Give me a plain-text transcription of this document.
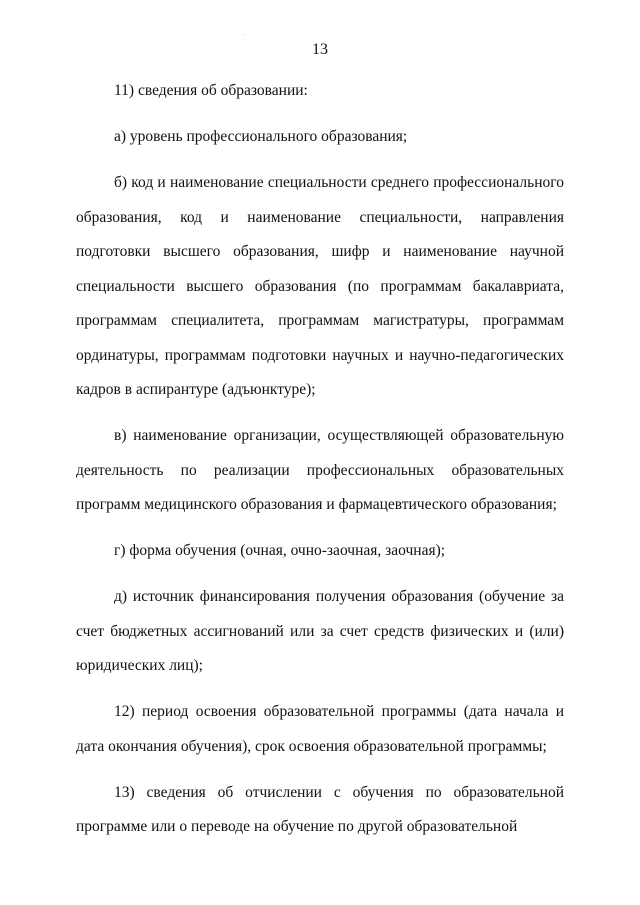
13

11) сведения об образовании:

а) уровень профессионального образования;

б) код и наименование специальности среднего профессионального образования, код и наименование специальности, направления подготовки высшего образования, шифр и наименование научной специальности высшего образования (по программам бакалавриата, программам специалитета, программам магистратуры, программам ординатуры, программам подготовки научных и научно-педагогических кадров в аспирантуре (адъюнктуре);

в) наименование организации, осуществляющей образовательную деятельность по реализации профессиональных образовательных программ медицинского образования и фармацевтического образования;

г) форма обучения (очная, очно-заочная, заочная);

д) источник финансирования получения образования (обучение за счет бюджетных ассигнований или за счет средств физических и (или) юридических лиц);

12) период освоения образовательной программы (дата начала и дата окончания обучения), срок освоения образовательной программы;

13) сведения об отчислении с обучения по образовательной программе или о переводе на обучение по другой образовательной
